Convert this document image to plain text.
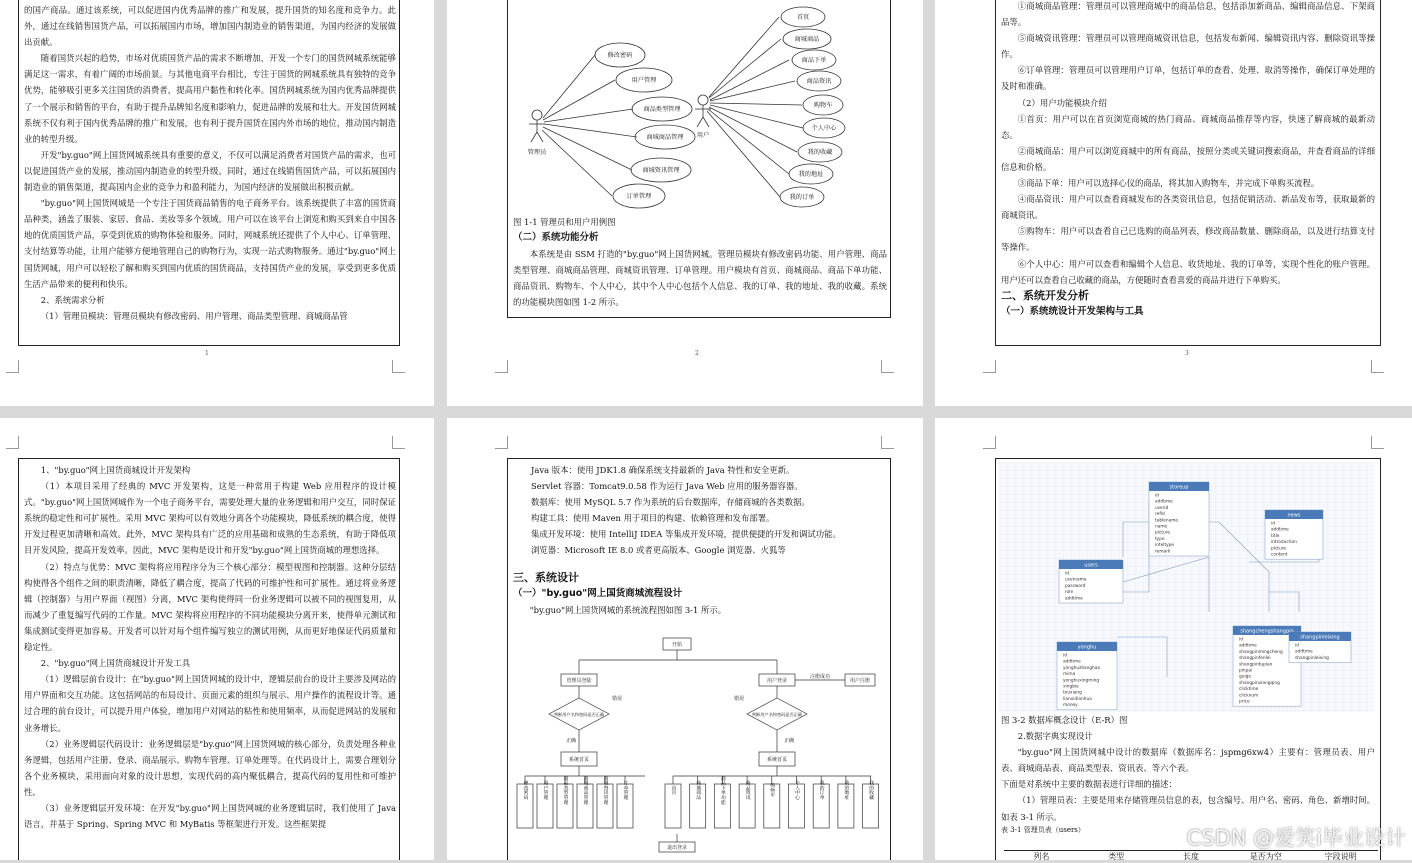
的国产商品。通过该系统，可以促进国内优秀品牌的推广和发展，提升国货的知名度和竞争力。此外，通过在线销售国货产品，可以拓展国内市场，增加国内制造业的销售渠道，为国内经济的发展做出贡献。

随着国货兴起的趋势，市场对优质国货产品的需求不断增加，开发一个专门的国货网城系统能够满足这一需求，有着广阔的市场前景。与其他电商平台相比，专注于国货的网城系统具有独特的竞争优势，能够吸引更多关注国货的消费者，提高用户黏性和转化率。国货网城系统为国内优秀品牌提供了一个展示和销售的平台，有助于提升品牌知名度和影响力，促进品牌的发展和壮大。开发国货网城系统不仅有利于国内优秀品牌的推广和发展，也有利于提升国货在国内外市场的地位，推动国内制造业的转型升级。

开发"by.guo"网上国货网城系统具有重要的意义，不仅可以满足消费者对国货产品的需求，也可以促进国货产业的发展，推动国内制造业的转型升级。同时，通过在线销售国货产品，可以拓展国内制造业的销售渠道，提高国内企业的竞争力和盈利能力，为国内经济的发展做出积极贡献。

"by.guo"网上国货网城是一个专注于国货商品销售的电子商务平台。该系统提供了丰富的国货商品种类，涵盖了服装、家居、食品、美妆等多个领域。用户可以在该平台上浏览和购买到来自中国各地的优质国货产品，享受到优质的购物体验和服务。同时，网城系统还提供了个人中心、订单管理、支付结算等功能，让用户能够方便地管理自己的购物行为，实现一站式购物服务。通过"by.guo"网上国货网城，用户可以轻松了解和购买到国内优质的国货商品，支持国货产业的发展，享受到更多优质生活产品带来的便利和快乐。

2、系统需求分析

（1）管理员模块：管理员模块有修改密码、用户管理、商品类型管理、商城商品管

1
管理员
用户
修改密码
用户管理
商品类型管理
商城商品管理
商城资讯管理
订单管理
首页
商城商品
商品下单
商品资讯
购物车
个人中心
我的收藏
我的地址
我的订单

图 1-1 管理员和用户用例图

（二）系统功能分析

本系统是由 SSM 打造的"by.guo"网上国货网城。管理员模块有修改密码功能、用户管理、商品类型管理、商城商品管理、商城资讯管理、订单管理。用户模块有首页、商城商品、商品下单功能、商品资讯、购物车、个人中心，其中个人中心包括个人信息、我的订单、我的地址、我的收藏。系统的功能模块图如图 1-2 所示。

2

①商城商品管理：管理员可以管理商城中的商品信息，包括添加新商品、编辑商品信息、下架商品等。

⑤商城资讯管理：管理员可以管理商城资讯信息，包括发布新闻、编辑资讯内容、删除资讯等操作。

⑥订单管理：管理员可以管理用户订单，包括订单的查看、处理、取消等操作，确保订单处理的及时和准确。

（2）用户功能模块介绍

①首页：用户可以在首页浏览商城的热门商品、商城商品推荐等内容，快速了解商城的最新动态。

②商城商品：用户可以浏览商城中的所有商品，按照分类或关键词搜索商品，并查看商品的详细信息和价格。

③商品下单：用户可以选择心仪的商品，将其加入购物车，并完成下单购买流程。

④商品资讯：用户可以查看商城发布的各类资讯信息，包括促销活动、新品发布等，获取最新的商城资讯。

⑤购物车：用户可以查看自己已选购的商品列表，修改商品数量、删除商品，以及进行结算支付等操作。

⑥个人中心：用户可以查看和编辑个人信息、收货地址、我的订单等，实现个性化的账户管理。用户还可以查看自己收藏的商品，方便随时查看喜爱的商品并进行下单购买。

二、系统开发分析

（一）系统统设计开发架构与工具

3

1、"by.guo"网上国货商城设计开发架构

（1）本项目采用了经典的 MVC 开发架构，这是一种常用于构建 Web 应用程序的设计模式。"by.guo"网上国货网城作为一个电子商务平台，需要处理大量的业务逻辑和用户交互，同时保证系统的稳定性和可扩展性。采用 MVC 架构可以有效地分离各个功能模块，降低系统的耦合度，使得开发过程更加清晰和高效。此外，MVC 架构具有广泛的应用基础和成熟的生态系统，有助于降低项目开发风险，提高开发效率。因此，MVC 架构是设计和开发"by.guo"网上国货商城的理想选择。

（2）特点与优势：MVC 架构将应用程序分为三个核心部分：模型视图和控制器。这种分层结构使得各个组件之间的职责清晰，降低了耦合度，提高了代码的可维护性和可扩展性。通过将业务逻辑（控制器）与用户界面（视图）分离，MVC 架构使得同一份业务逻辑可以被不同的视图复用，从而减少了重复编写代码的工作量。MVC 架构将应用程序的不同功能模块分离开来，使得单元测试和集成测试变得更加容易。开发者可以针对每个组件编写独立的测试用例，从而更好地保证代码质量和稳定性。

2、"by.guo"网上国货商城设计开发工具

（1）逻辑层前台设计：在"by.guo"网上国货网城的设计中，逻辑层前台的设计主要涉及网站的用户界面和交互功能。这包括网站的布局设计、页面元素的组织与展示、用户操作的流程设计等。通过合理的前台设计，可以提升用户体验，增加用户对网站的粘性和使用频率，从而促进网站的发展和业务增长。

（2）业务逻辑层代码设计：业务逻辑层是"by.guo"网上国货网城的核心部分，负责处理各种业务逻辑，包括用户注册、登录、商品展示、购物车管理、订单处理等。在代码设计上，需要合理划分各个业务模块，采用面向对象的设计思想，实现代码的高内聚低耦合，提高代码的复用性和可维护性。

（3）业务逻辑层开发环境：在开发"by.guo"网上国货网城的业务逻辑层时，我们使用了 Java 语言，并基于 Spring、Spring MVC 和 MyBatis 等框架进行开发。这些框架提

Java 版本：使用 JDK1.8 确保系统支持最新的 Java 特性和安全更新。

Servlet 容器：Tomcat9.0.58 作为运行 Java Web 应用的服务器容器。

数据库：使用 MySQL 5.7 作为系统的后台数据库，存储商城的各类数据。

构建工具：使用 Maven 用于项目的构建、依赖管理和发布部署。

集成开发环境：使用 IntelliJ IDEA 等集成开发环境，提供便捷的开发和调试功能。

浏览器：Microsoft IE 8.0 或者更高版本、Google 浏览器、火狐等

三、系统设计

（一）"by.guo"网上国货商城流程设计

"by.guo"网上国货网城的系统流程图如图 3-1 所示。

修改密码	用户管理	商品类型管理	商城商品管理	商城资讯管理	订单管理	首页	商城商品	商品下单功能	商品资讯	购物车	个人中心	我的订单	我的地址	我的收藏
开始
管理员登陆	用户登录	用户注册
注册成功
判断用户名和密码是否正确	判断用户名和密码是否正确
正确
错误
正确
错误
系统首页	系统首页
退出登录
storeup
id
addtime
userid
refid
tablename
name
picture
type
inteltype
remark
news
id
addtime
title
introduction
picture
content
users
id
username
password
role
addtime
shangchengshangpin
id
addtime
shangpinmingcheng
shangpinfenlei
shangpintupian
pinpai
guige
shangpinxiangqing
clicktime
clicknum
price
shangpinleixing
id
addtime
shangpinleixing
yonghu
id
addtime
yonghuzhanghao
mima
yonghuxingming
xingbie
touxiang
lianxidianhua
money

图 3-2 数据库概念设计（E-R）图

2.数据字典实现设计

"by.guo"网上国货网城中设计的数据库（数据库名：jspmg6xw4）主要有：管理员表、用户表、商城商品表、商品类型表、资讯表、等六个表。

下面是对系统中主要的数据表进行详细的描述：

（1）管理员表：主要是用来存储管理员信息的表，包含编号、用户名、密码、角色、新增时间。如表 3-1 所示。

表 3-1 管理员表（users）

列名	类型	长度	是否为空	字段说明
CSDN @爱笑i毕业设计
